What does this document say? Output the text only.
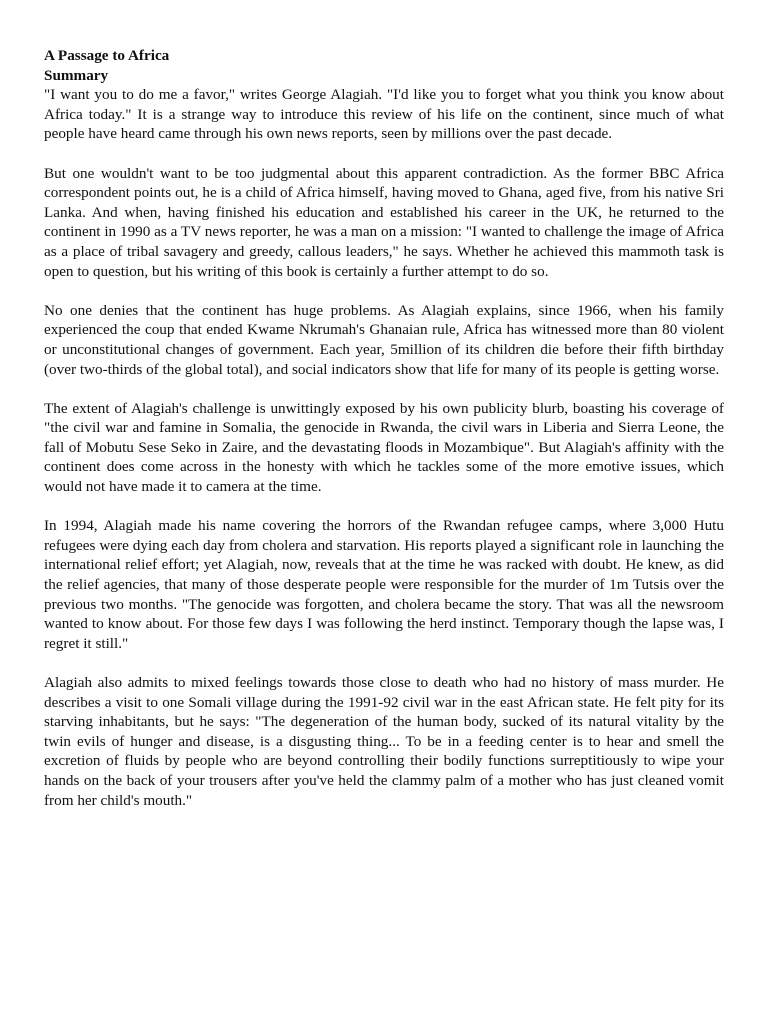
A Passage to Africa
Summary

"I want you to do me a favor," writes George Alagiah. "I'd like you to forget what you think you know about Africa today." It is a strange way to introduce this review of his life on the continent, since much of what people have heard came through his own news reports, seen by millions over the past decade.

But one wouldn't want to be too judgmental about this apparent contradiction. As the former BBC Africa correspondent points out, he is a child of Africa himself, having moved to Ghana, aged five, from his native Sri Lanka. And when, having finished his education and established his career in the UK, he returned to the continent in 1990 as a TV news reporter, he was a man on a mission: "I wanted to challenge the image of Africa as a place of tribal savagery and greedy, callous leaders," he says. Whether he achieved this mammoth task is open to question, but his writing of this book is certainly a further attempt to do so.

No one denies that the continent has huge problems. As Alagiah explains, since 1966, when his family experienced the coup that ended Kwame Nkrumah's Ghanaian rule, Africa has witnessed more than 80 violent or unconstitutional changes of government. Each year, 5million of its children die before their fifth birthday (over two-thirds of the global total), and social indicators show that life for many of its people is getting worse.

The extent of Alagiah's challenge is unwittingly exposed by his own publicity blurb, boasting his coverage of "the civil war and famine in Somalia, the genocide in Rwanda, the civil wars in Liberia and Sierra Leone, the fall of Mobutu Sese Seko in Zaire, and the devastating floods in Mozambique". But Alagiah's affinity with the continent does come across in the honesty with which he tackles some of the more emotive issues, which would not have made it to camera at the time.

In 1994, Alagiah made his name covering the horrors of the Rwandan refugee camps, where 3,000 Hutu refugees were dying each day from cholera and starvation. His reports played a significant role in launching the international relief effort; yet Alagiah, now, reveals that at the time he was racked with doubt. He knew, as did the relief agencies, that many of those desperate people were responsible for the murder of 1m Tutsis over the previous two months. "The genocide was forgotten, and cholera became the story. That was all the newsroom wanted to know about. For those few days I was following the herd instinct. Temporary though the lapse was, I regret it still."

Alagiah also admits to mixed feelings towards those close to death who had no history of mass murder. He describes a visit to one Somali village during the 1991-92 civil war in the east African state. He felt pity for its starving inhabitants, but he says: "The degeneration of the human body, sucked of its natural vitality by the twin evils of hunger and disease, is a disgusting thing... To be in a feeding center is to hear and smell the excretion of fluids by people who are beyond controlling their bodily functions surreptitiously to wipe your hands on the back of your trousers after you've held the clammy palm of a mother who has just cleaned vomit from her child's mouth."
